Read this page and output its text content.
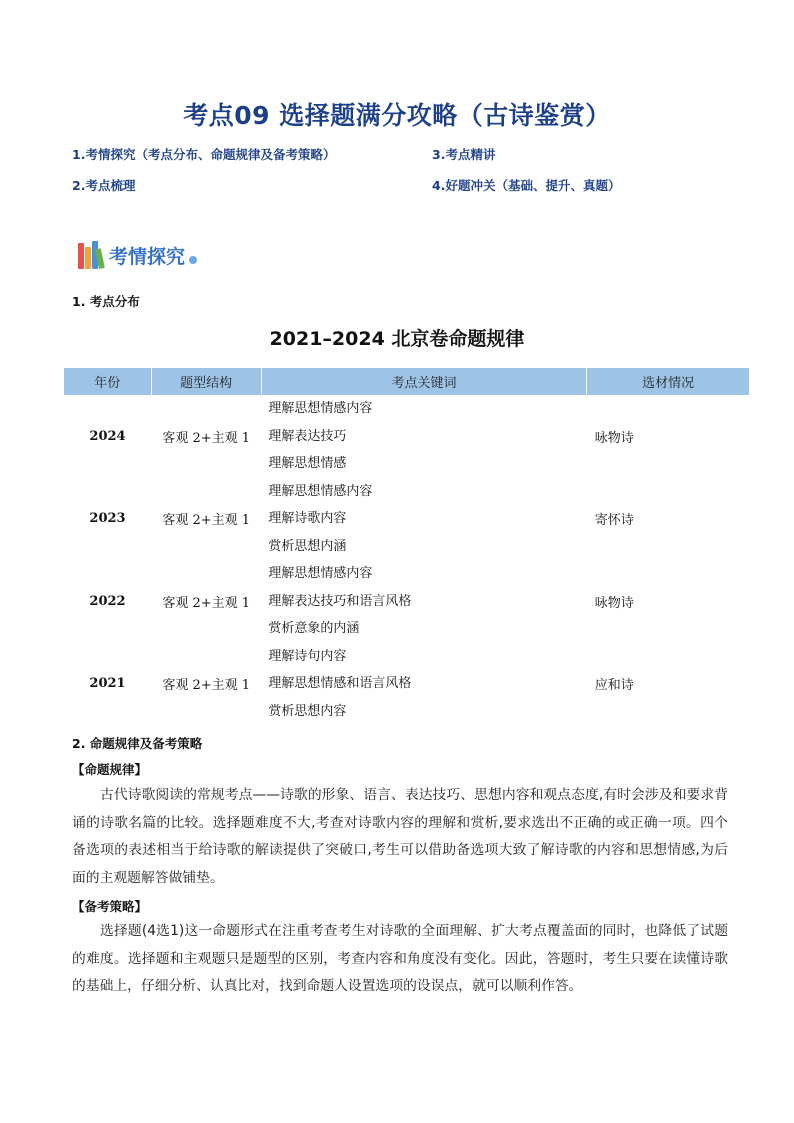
考点09 选择题满分攻略（古诗鉴赏）
1.考情探究（考点分布、命题规律及备考策略）	3.考点精讲
2.考点梳理	4.好题冲关（基础、提升、真题）
考情探究
1. 考点分布
2021–2024 北京卷命题规律
年份	题型结构	考点关键词	选材情况
2024	客观 2+主观 1	理解思想情感内容
理解表达技巧
理解思想情感	咏物诗
2023	客观 2+主观 1	理解思想情感内容
理解诗歌内容
赏析思想内涵	寄怀诗
2022	客观 2+主观 1	理解思想情感内容
理解表达技巧和语言风格
赏析意象的内涵	咏物诗
2021	客观 2+主观 1	理解诗句内容
理解思想情感和语言风格
赏析思想内容	应和诗
2. 命题规律及备考策略
【命题规律】
古代诗歌阅读的常规考点——诗歌的形象、语言、表达技巧、思想内容和观点态度,有时会涉及和要求背诵的诗歌名篇的比较。选择题难度不大,考查对诗歌内容的理解和赏析,要求选出不正确的或正确一项。四个备选项的表述相当于给诗歌的解读提供了突破口,考生可以借助备选项大致了解诗歌的内容和思想情感,为后面的主观题解答做铺垫。
【备考策略】
选择题(4选1)这一命题形式在注重考查考生对诗歌的全面理解、扩大考点覆盖面的同时，也降低了试题的难度。选择题和主观题只是题型的区别，考查内容和角度没有变化。因此，答题时，考生只要在读懂诗歌的基础上，仔细分析、认真比对，找到命题人设置选项的设误点，就可以顺利作答。
